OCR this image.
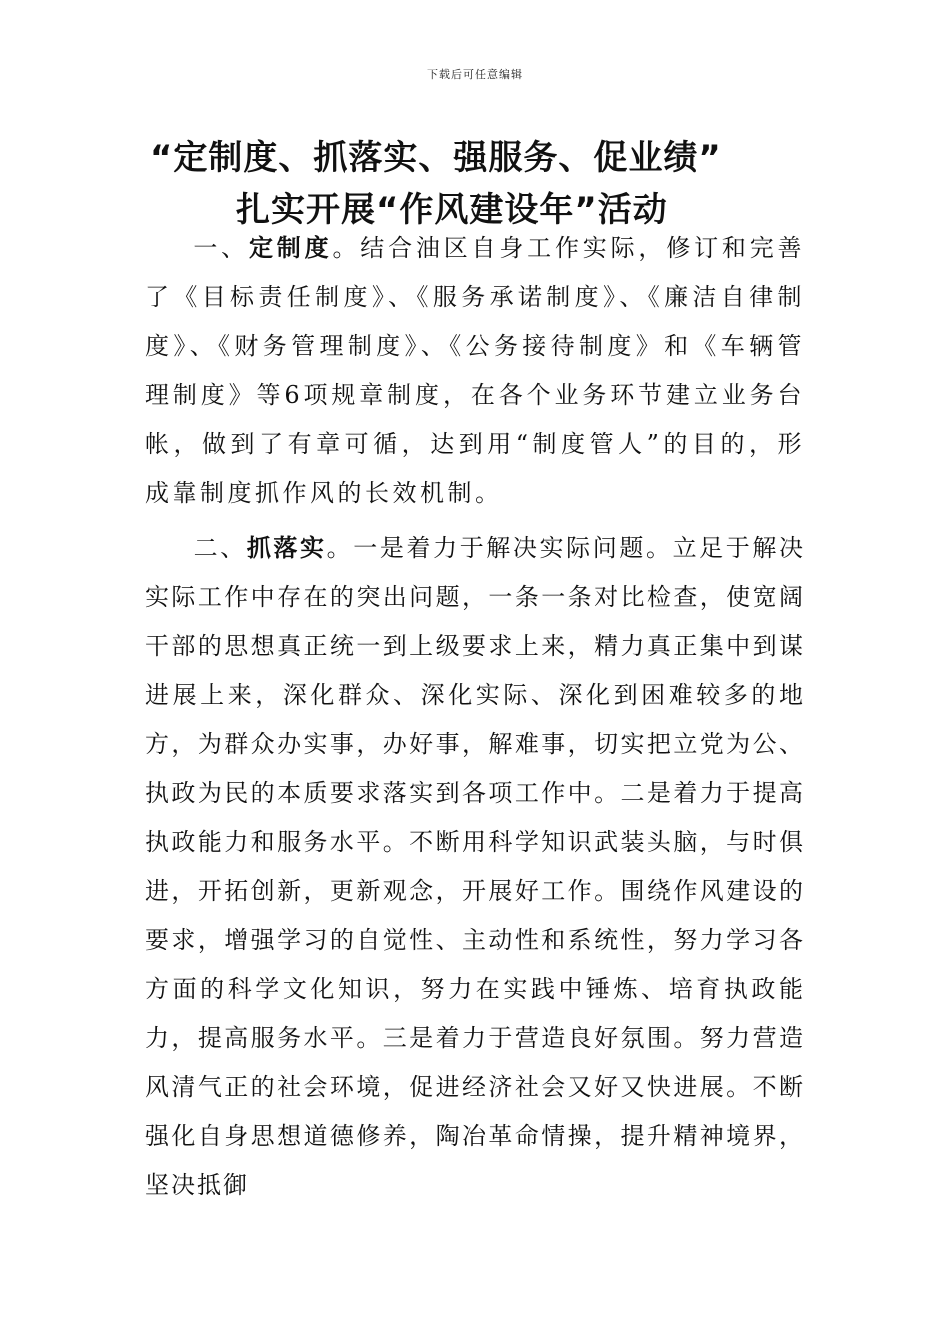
下载后可任意编辑
“定制度、抓落实、强服务、促业绩”
扎实开展“作风建设年”活动
一、定制度。结合油区自身工作实际，修订和完善了《目标责任制度》、《服务承诺制度》、《廉洁自律制度》、《财务管理制度》、《公务接待制度》和《车辆管理制度》等6项规章制度，在各个业务环节建立业务台帐，做到了有章可循，达到用“制度管人”的目的，形成靠制度抓作风的长效机制。
二、抓落实。一是着力于解决实际问题。立足于解决实际工作中存在的突出问题，一条一条对比检查，使宽阔干部的思想真正统一到上级要求上来，精力真正集中到谋进展上来，深化群众、深化实际、深化到困难较多的地方，为群众办实事，办好事，解难事，切实把立党为公、执政为民的本质要求落实到各项工作中。二是着力于提高执政能力和服务水平。不断用科学知识武装头脑，与时俱进，开拓创新，更新观念，开展好工作。围绕作风建设的要求，增强学习的自觉性、主动性和系统性，努力学习各方面的科学文化知识，努力在实践中锤炼、培育执政能力，提高服务水平。三是着力于营造良好氛围。努力营造风清气正的社会环境，促进经济社会又好又快进展。不断强化自身思想道德修养，陶冶革命情操，提升精神境界，坚决抵御
